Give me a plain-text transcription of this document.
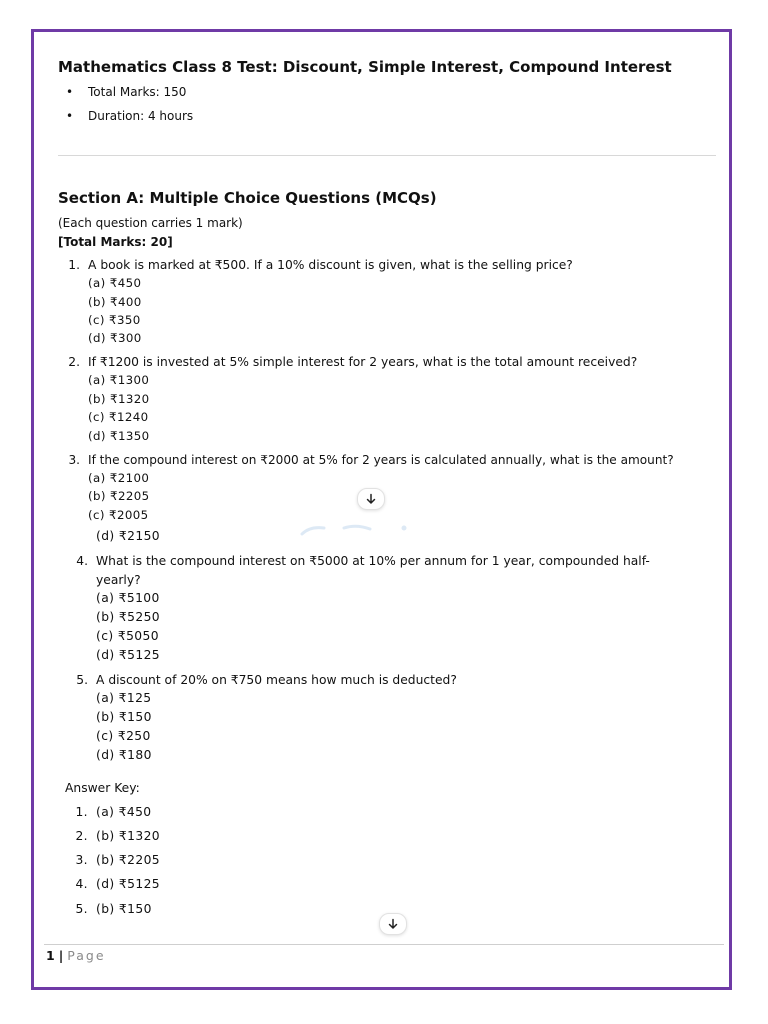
Mathematics Class 8 Test: Discount, Simple Interest, Compound Interest
• Total Marks: 150
• Duration: 4 hours
Section A: Multiple Choice Questions (MCQs)
(Each question carries 1 mark)
[Total Marks: 20]
1. A book is marked at ₹500. If a 10% discount is given, what is the selling price?
(a) ₹450
(b) ₹400
(c) ₹350
(d) ₹300
2. If ₹1200 is invested at 5% simple interest for 2 years, what is the total amount received?
(a) ₹1300
(b) ₹1320
(c) ₹1240
(d) ₹1350
3. If the compound interest on ₹2000 at 5% for 2 years is calculated annually, what is the amount?
(a) ₹2100
(b) ₹2205
(c) ₹2005
(d) ₹2150
4. What is the compound interest on ₹5000 at 10% per annum for 1 year, compounded half-
yearly?
(a) ₹5100
(b) ₹5250
(c) ₹5050
(d) ₹5125
5. A discount of 20% on ₹750 means how much is deducted?
(a) ₹125
(b) ₹150
(c) ₹250
(d) ₹180
Answer Key:
1. (a) ₹450
2. (b) ₹1320
3. (b) ₹2205
4. (d) ₹5125
5. (b) ₹150
1 | Page
